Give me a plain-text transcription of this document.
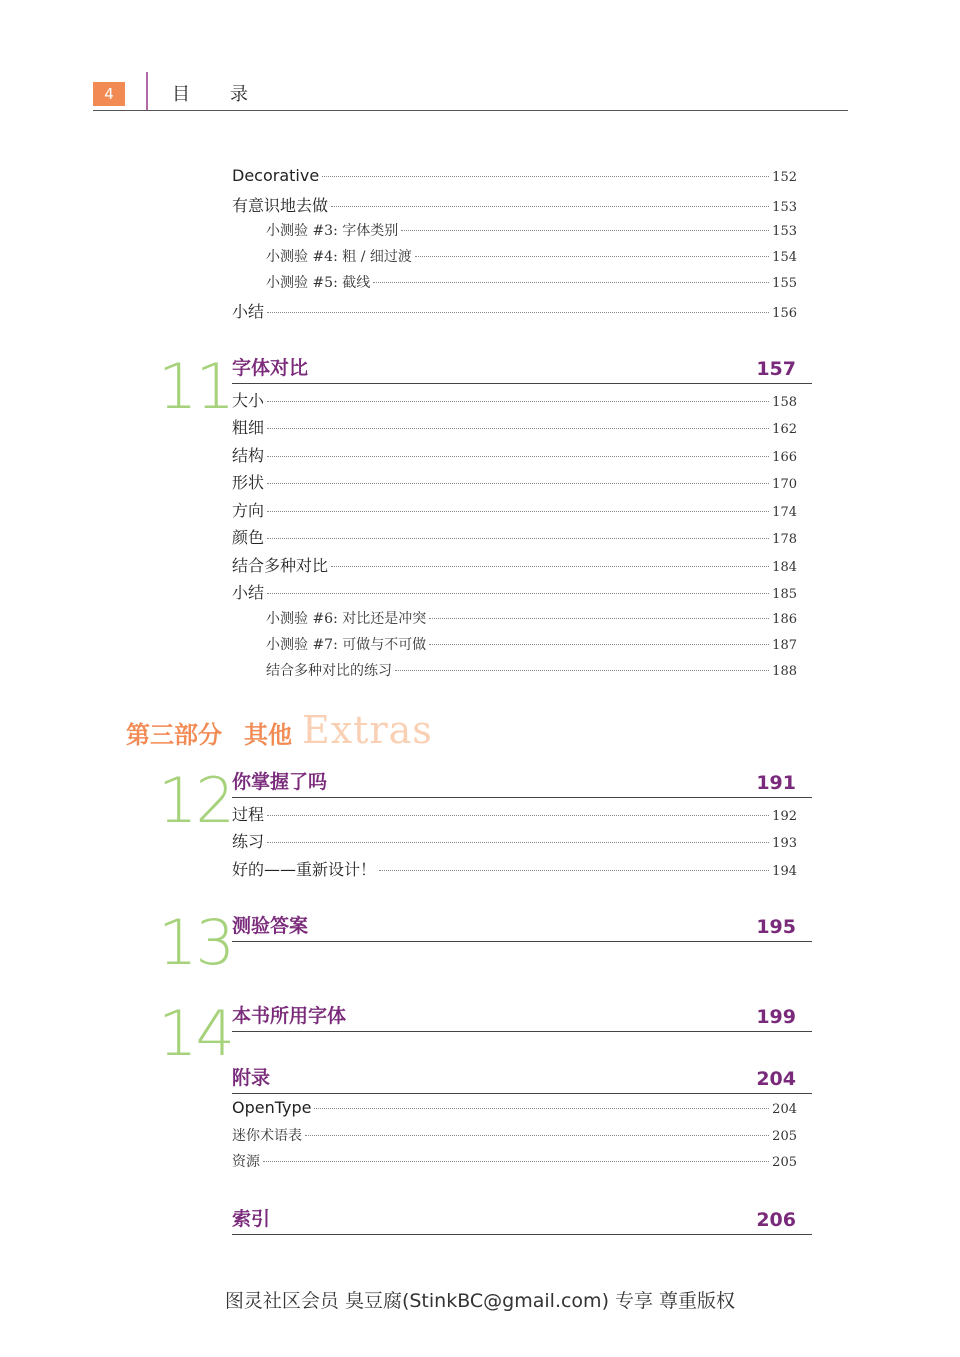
4	目录
Decorative	152
有意识地去做	153
小测验 #3: 字体类别	153
小测验 #4: 粗 / 细过渡	154
小测验 #5: 截线	155
小结	156
11 字体对比	157
大小	158
粗细	162
结构	166
形状	170
方向	174
颜色	178
结合多种对比	184
小结	185
小测验 #6: 对比还是冲突	186
小测验 #7: 可做与不可做	187
结合多种对比的练习	188
第三部分 其他 Extras
12 你掌握了吗	191
过程	192
练习	193
好的——重新设计！	194
13 测验答案	195
14 本书所用字体	199
附录	204
OpenType	204
迷你术语表	205
资源	205
索引	206
图灵社区会员 臭豆腐(StinkBC@gmail.com) 专享 尊重版权
